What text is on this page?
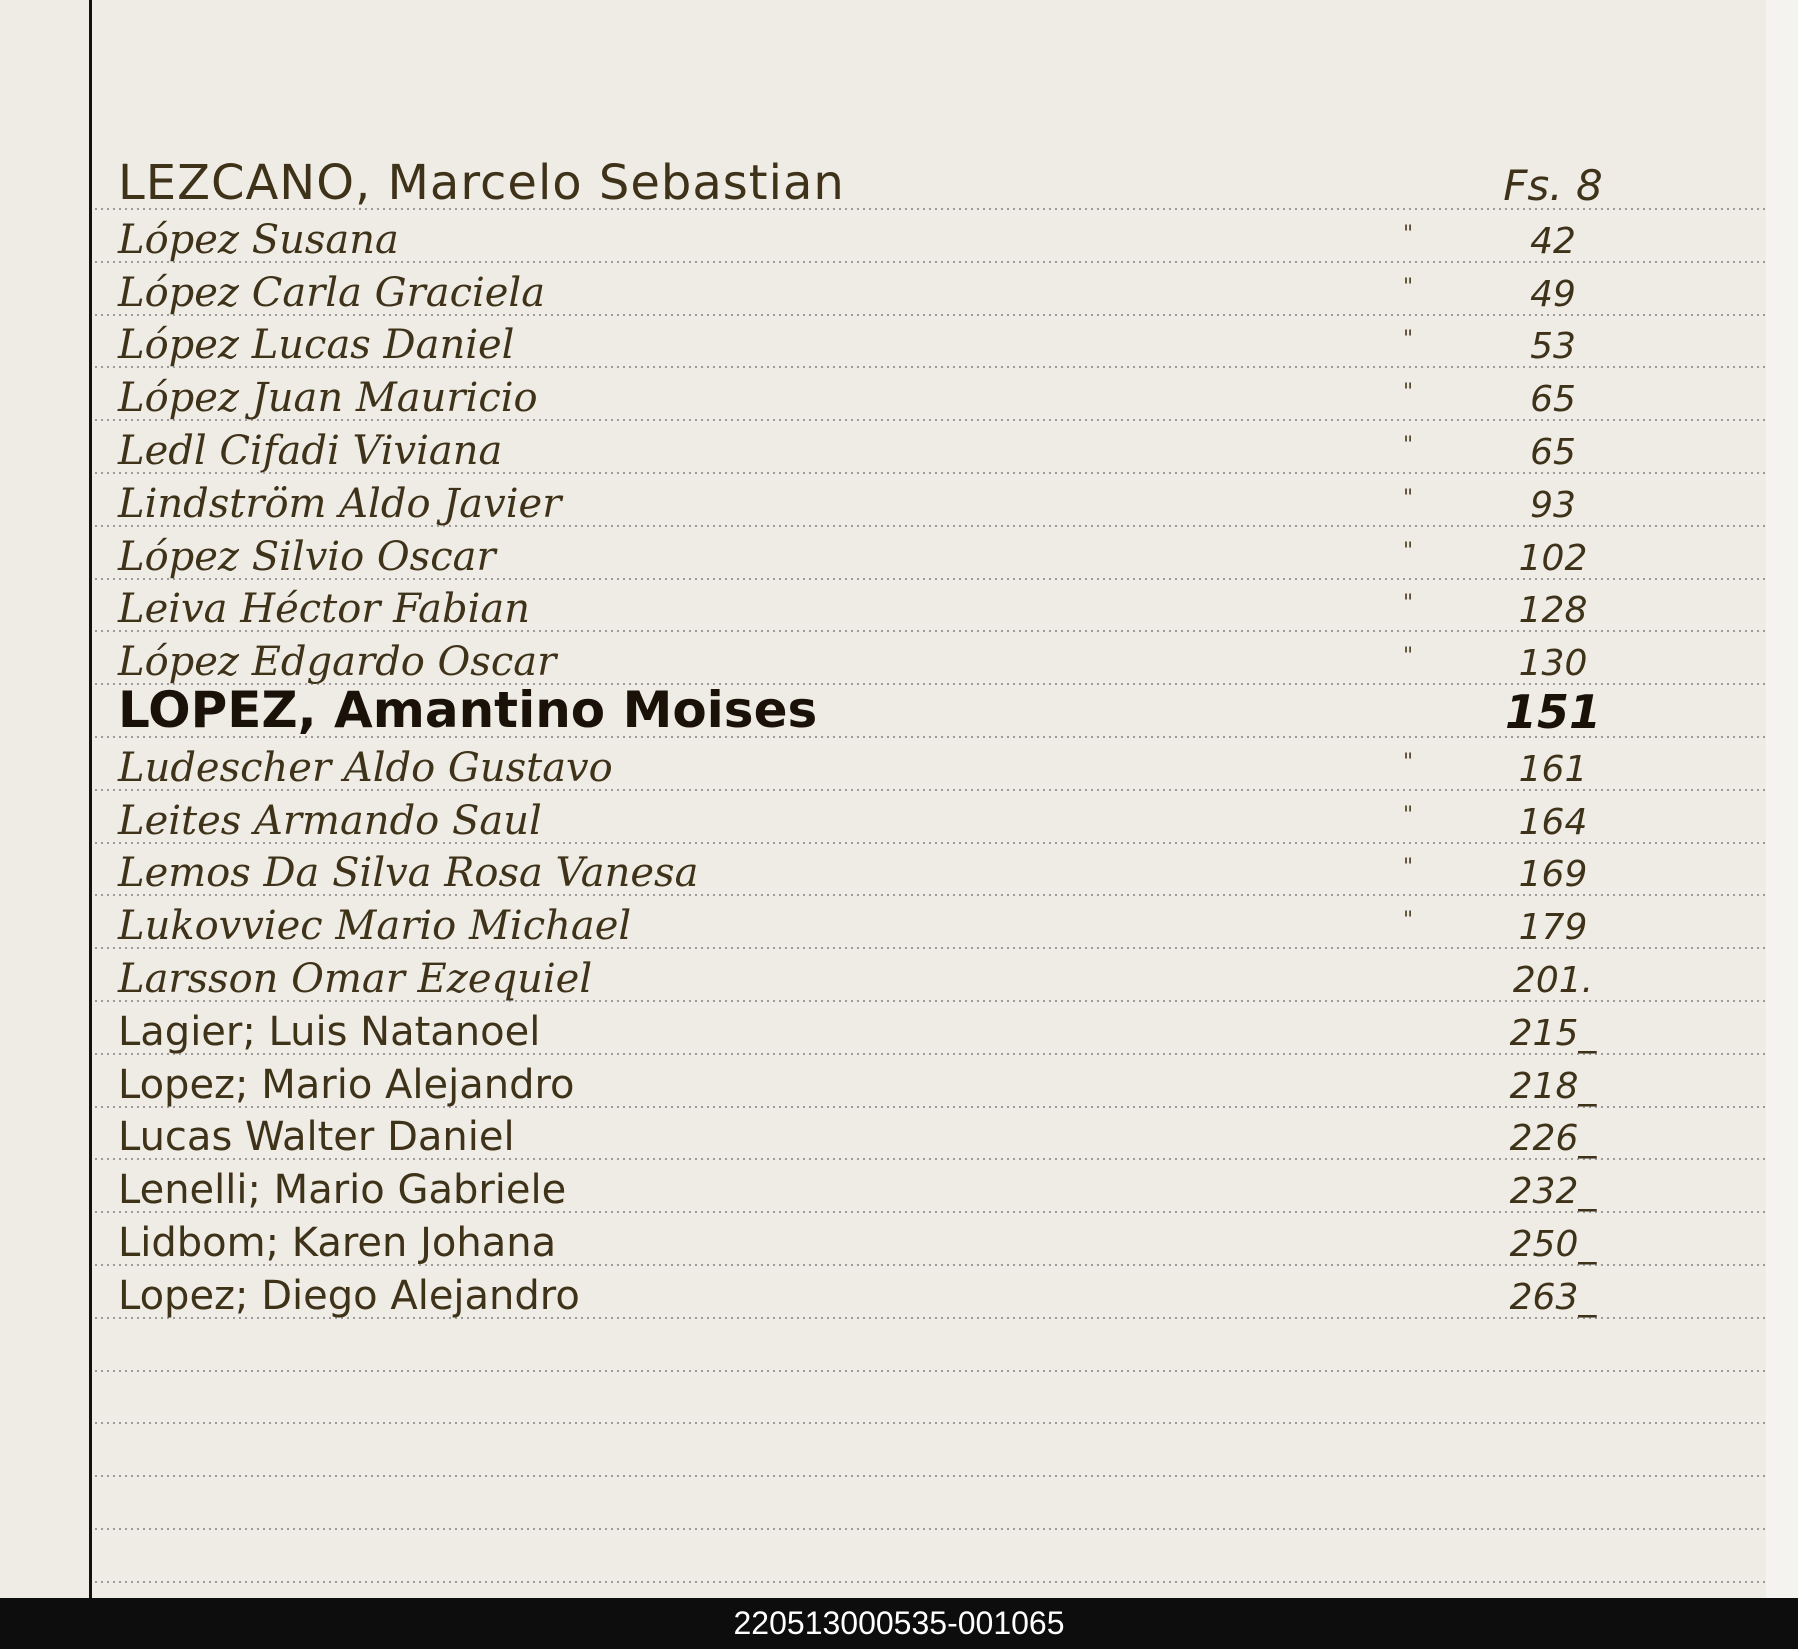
LEZCANO, Marcelo Sebastian	Fs. 8
López Susana	"	42
López Carla Graciela	"	49
López Lucas Daniel	"	53
López Juan Mauricio	"	65
Ledl Cifadi Viviana	"	65
Lindström Aldo Javier	"	93
López Silvio Oscar	"	102
Leiva Héctor Fabian	"	128
López Edgardo Oscar	"	130
LOPEZ, Amantino Moises	151
Ludescher Aldo Gustavo	"	161
Leites Armando Saul	"	164
Lemos Da Silva Rosa Vanesa	"	169
Lukovviec Mario Michael	"	179
Larsson Omar Ezequiel	201.
Lagier; Luis Natanoel	215_
Lopez; Mario Alejandro	218_
Lucas Walter Daniel	226_
Lenelli; Mario Gabriele	232_
Lidbom; Karen Johana	250_
Lopez; Diego Alejandro	263_
220513000535-001065
